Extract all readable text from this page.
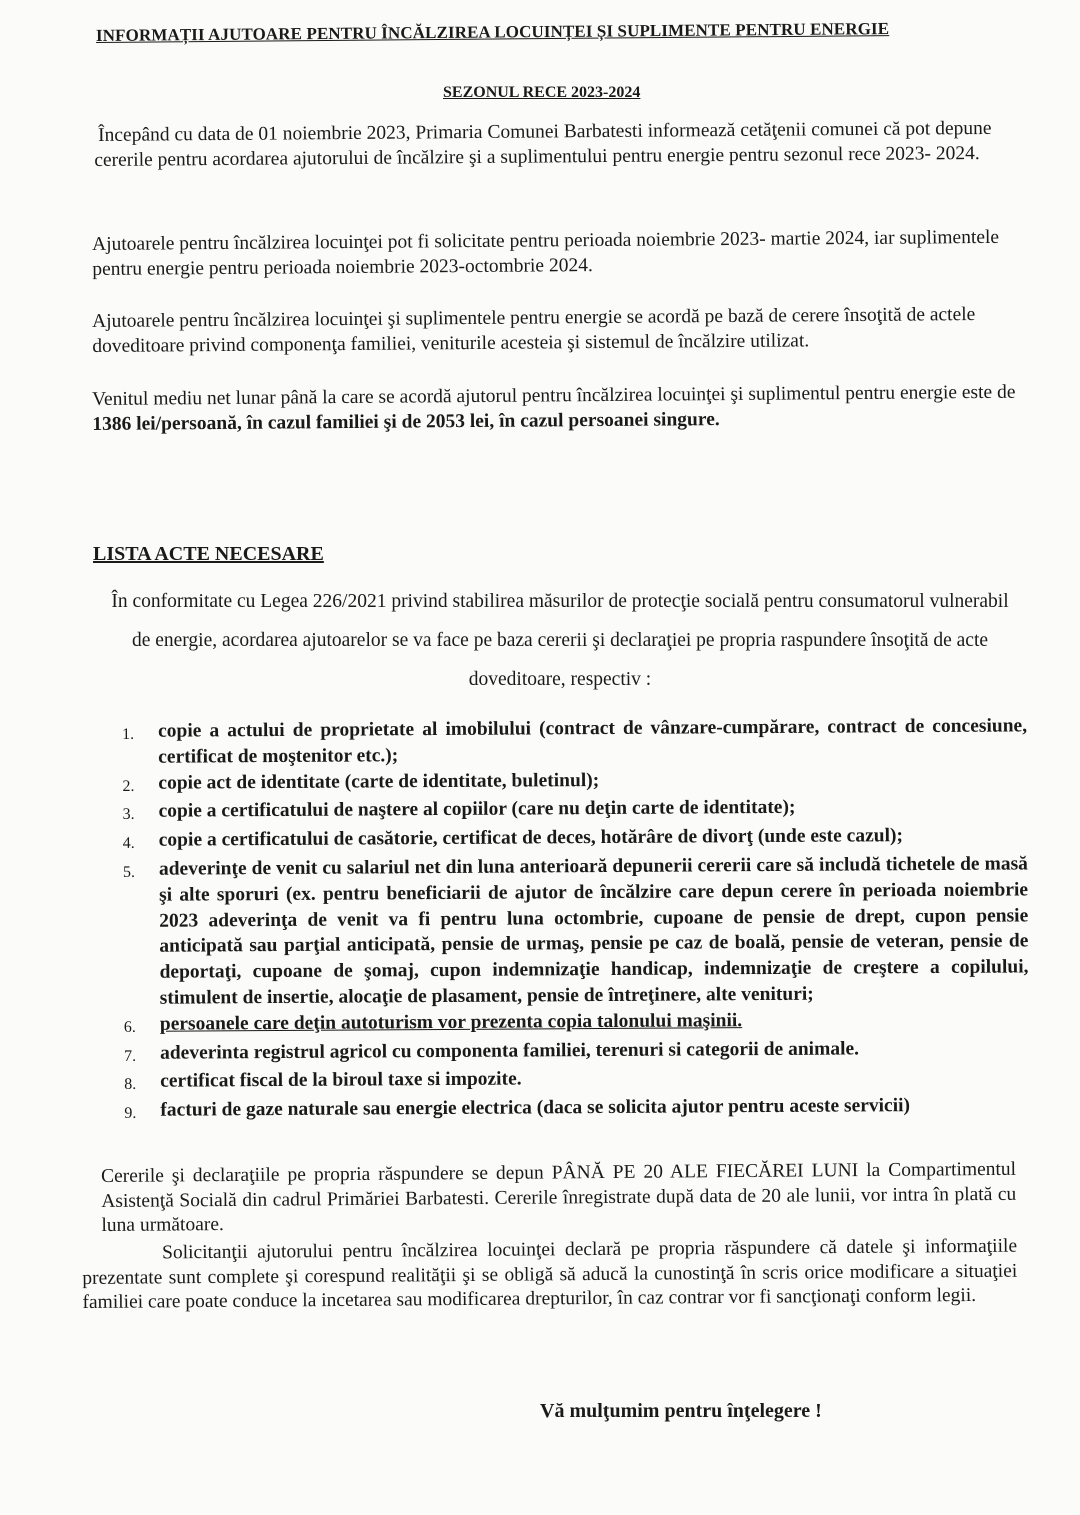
INFORMAȚII AJUTOARE PENTRU ÎNCĂLZIREA LOCUINȚEI ȘI SUPLIMENTE PENTRU ENERGIE
SEZONUL RECE 2023-2024
Începând cu data de 01 noiembrie 2023, Primaria Comunei Barbatesti informează cetăţenii comunei că pot depune cererile pentru acordarea ajutorului de încălzire şi a suplimentului pentru energie pentru sezonul rece 2023- 2024.
Ajutoarele pentru încălzirea locuinţei pot fi solicitate pentru perioada noiembrie 2023- martie 2024, iar suplimentele pentru energie pentru perioada noiembrie 2023-octombrie 2024.
Ajutoarele pentru încălzirea locuinţei şi suplimentele pentru energie se acordă pe bază de cerere însoţită de actele doveditoare privind componenţa familiei, veniturile acesteia şi sistemul de încălzire utilizat.
Venitul mediu net lunar până la care se acordă ajutorul pentru încălzirea locuinţei şi suplimentul pentru energie este de 1386 lei/persoană, în cazul familiei şi de 2053 lei, în cazul persoanei singure.
LISTA ACTE NECESARE
În conformitate cu Legea 226/2021 privind stabilirea măsurilor de protecţie socială pentru consumatorul vulnerabil de energie, acordarea ajutoarelor se va face pe baza cererii şi declaraţiei pe propria raspundere însoţită de acte doveditoare, respectiv :
1.	copie a actului de proprietate al imobilului (contract de vânzare-cumpărare, contract de concesiune, certificat de moştenitor etc.);
2.	copie act de identitate (carte de identitate, buletinul);
3.	copie a certificatului de naştere al copiilor (care nu deţin carte de identitate);
4.	copie a certificatului de casătorie, certificat de deces, hotărâre de divorţ (unde este cazul);
5.	adeverinţe de venit cu salariul net din luna anterioară depunerii cererii care să includă tichetele de masă şi alte sporuri (ex. pentru beneficiarii de ajutor de încălzire care depun cerere în perioada noiembrie 2023 adeverinţa de venit va fi pentru luna octombrie, cupoane de pensie de drept, cupon pensie anticipată sau parţial anticipată, pensie de urmaş, pensie pe caz de boală, pensie de veteran, pensie de deportaţi, cupoane de şomaj, cupon indemnizaţie handicap, indemnizaţie de creştere a copilului, stimulent de insertie, alocaţie de plasament, pensie de întreţinere, alte venituri;
6.	persoanele care deţin autoturism vor prezenta copia talonului maşinii.
7.	adeverinta registrul agricol cu componenta familiei, terenuri si categorii de animale.
8.	certificat fiscal de la biroul taxe si impozite.
9.	facturi de gaze naturale sau energie electrica (daca se solicita ajutor pentru aceste servicii)
Cererile şi declaraţiile pe propria răspundere se depun PÂNĂ PE 20 ALE FIECĂREI LUNI la Compartimentul Asistenţă Socială din cadrul Primăriei Barbatesti. Cererile înregistrate după data de 20 ale lunii, vor intra în plată cu luna următoare.
Solicitanţii ajutorului pentru încălzirea locuinţei declară pe propria răspundere că datele şi informaţiile prezentate sunt complete şi corespund realităţii şi se obligă să aducă la cunostinţă în scris orice modificare a situaţiei familiei care poate conduce la incetarea sau modificarea drepturilor, în caz contrar vor fi sancţionaţi conform legii.
Vă mulţumim pentru înţelegere !
